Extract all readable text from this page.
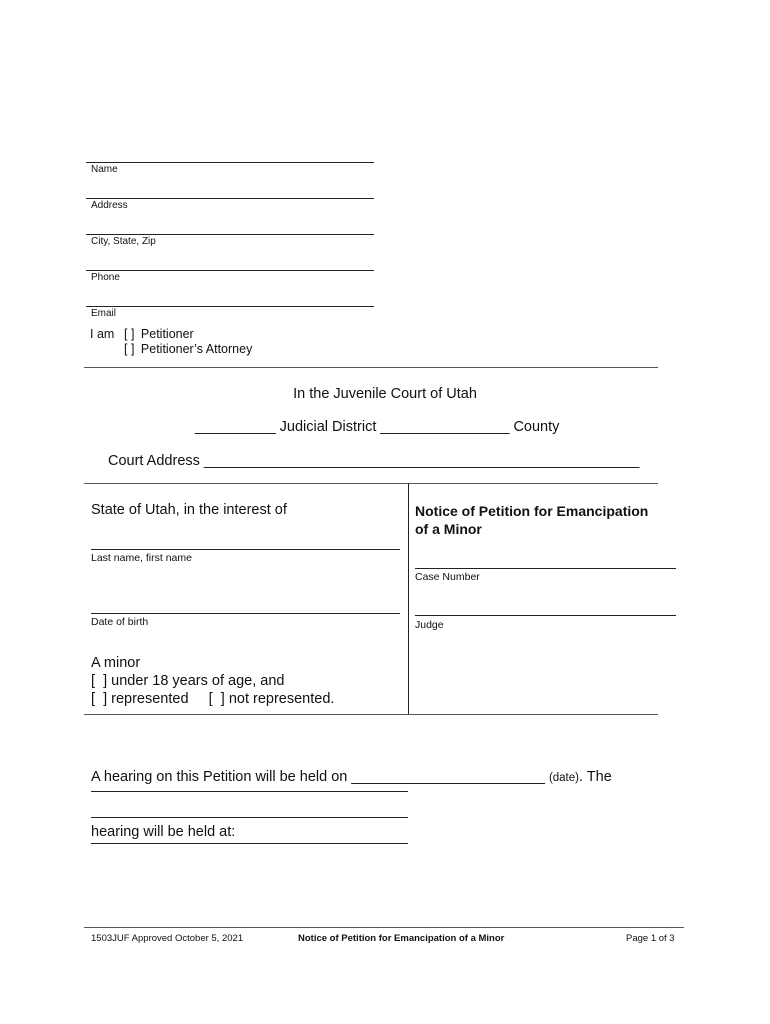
Name
Address
City, State, Zip
Phone
Email
I am [ ] Petitioner
[ ] Petitioner’s Attorney
In the Juvenile Court of Utah
__________ Judicial District ________________ County
Court Address ______________________________________________________
State of Utah, in the interest of
Last name, first name
Date of birth
A minor
[  ] under 18 years of age, and
[  ] represented     [  ] not represented.
Notice of Petition for Emancipation
of a Minor
Case Number
Judge

A hearing on this Petition will be held on ________________________ (date). The

hearing will be held at:

1503JUF Approved October 5, 2021	Notice of Petition for Emancipation of a Minor	Page 1 of 3
